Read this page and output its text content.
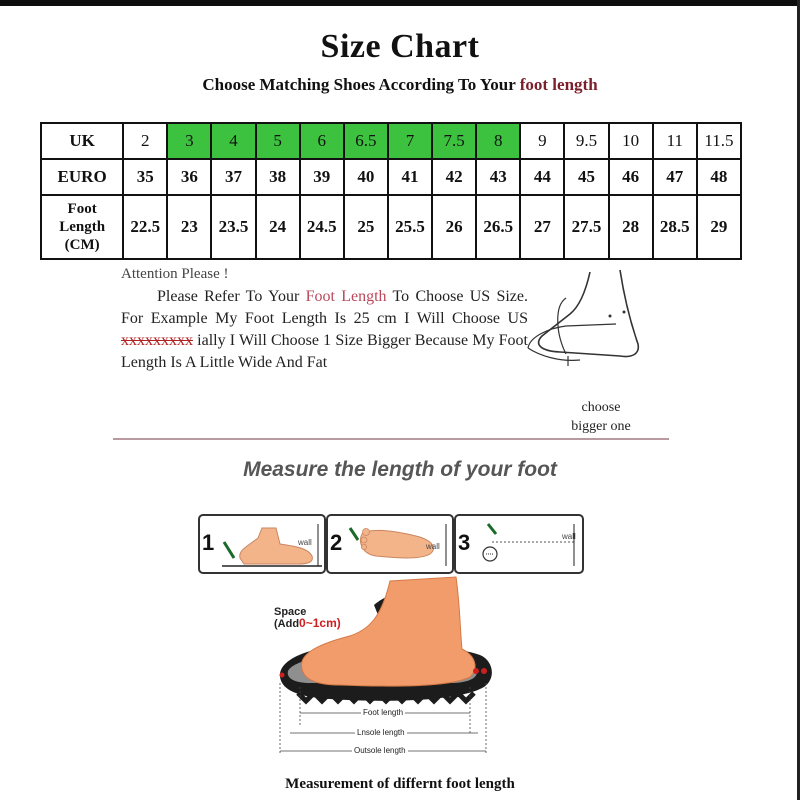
Size Chart
Choose Matching Shoes According To Your foot length
UK	2	3	4	5	6	6.5	7	7.5	8	9	9.5	10	11	11.5
EURO	35	36	37	38	39	40	41	42	43	44	45	46	47	48
Foot
Length
(CM)	22.5	23	23.5	24	24.5	25	25.5	26	26.5	27	27.5	28	28.5	29
Attention Please !
Please Refer To Your Foot Length To Choose US Size. For Example My Foot Length Is 25 cm I Will Choose US xxxxxxxxx ially I Will Choose 1 Size Bigger Because My Foot Length Is A Little Wide And Fat
choose
bigger one
Measure the length of your foot
1	wall 2	wall 3	wall
Space
(Add0~1cm)
Foot length
Lnsole length
Outsole length
Measurement of differnt foot length
